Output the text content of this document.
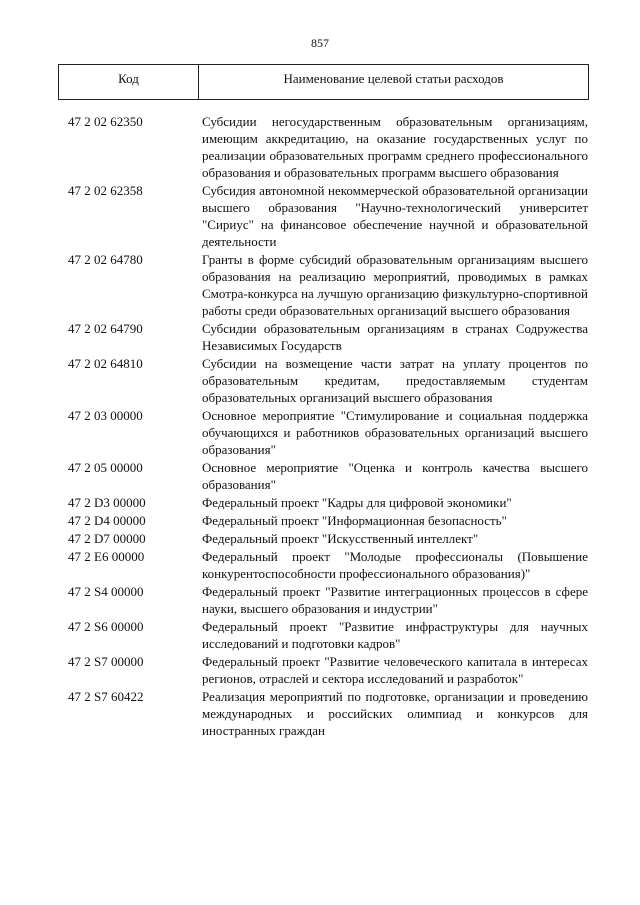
857
Код	Наименование целевой статьи расходов
47 2 02 62350	Субсидии негосударственным образовательным организациям, имеющим аккредитацию, на оказание государственных услуг по реализации образовательных программ среднего профессионального образования и образовательных программ высшего образования
47 2 02 62358	Субсидия автономной некоммерческой образовательной организации высшего образования "Научно-технологический университет "Сириус" на финансовое обеспечение научной и образовательной деятельности
47 2 02 64780	Гранты в форме субсидий образовательным организациям высшего образования на реализацию мероприятий, проводимых в рамках Смотра-конкурса на лучшую организацию физкультурно-спортивной работы среди образовательных организаций высшего образования
47 2 02 64790	Субсидии образовательным организациям в странах Содружества Независимых Государств
47 2 02 64810	Субсидии на возмещение части затрат на уплату процентов по образовательным кредитам, предоставляемым студентам образовательных организаций высшего образования
47 2 03 00000	Основное мероприятие "Стимулирование и социальная поддержка обучающихся и работников образовательных организаций высшего образования"
47 2 05 00000	Основное мероприятие "Оценка и контроль качества высшего образования"
47 2 D3 00000	Федеральный проект "Кадры для цифровой экономики"
47 2 D4 00000	Федеральный проект "Информационная безопасность"
47 2 D7 00000	Федеральный проект "Искусственный интеллект"
47 2 E6 00000	Федеральный проект "Молодые профессионалы (Повышение конкурентоспособности профессионального образования)"
47 2 S4 00000	Федеральный проект "Развитие интеграционных процессов в сфере науки, высшего образования и индустрии"
47 2 S6 00000	Федеральный проект "Развитие инфраструктуры для научных исследований и подготовки кадров"
47 2 S7 00000	Федеральный проект "Развитие человеческого капитала в интересах регионов, отраслей и сектора исследований и разработок"
47 2 S7 60422	Реализация мероприятий по подготовке, организации и проведению международных и российских олимпиад и конкурсов для иностранных граждан
